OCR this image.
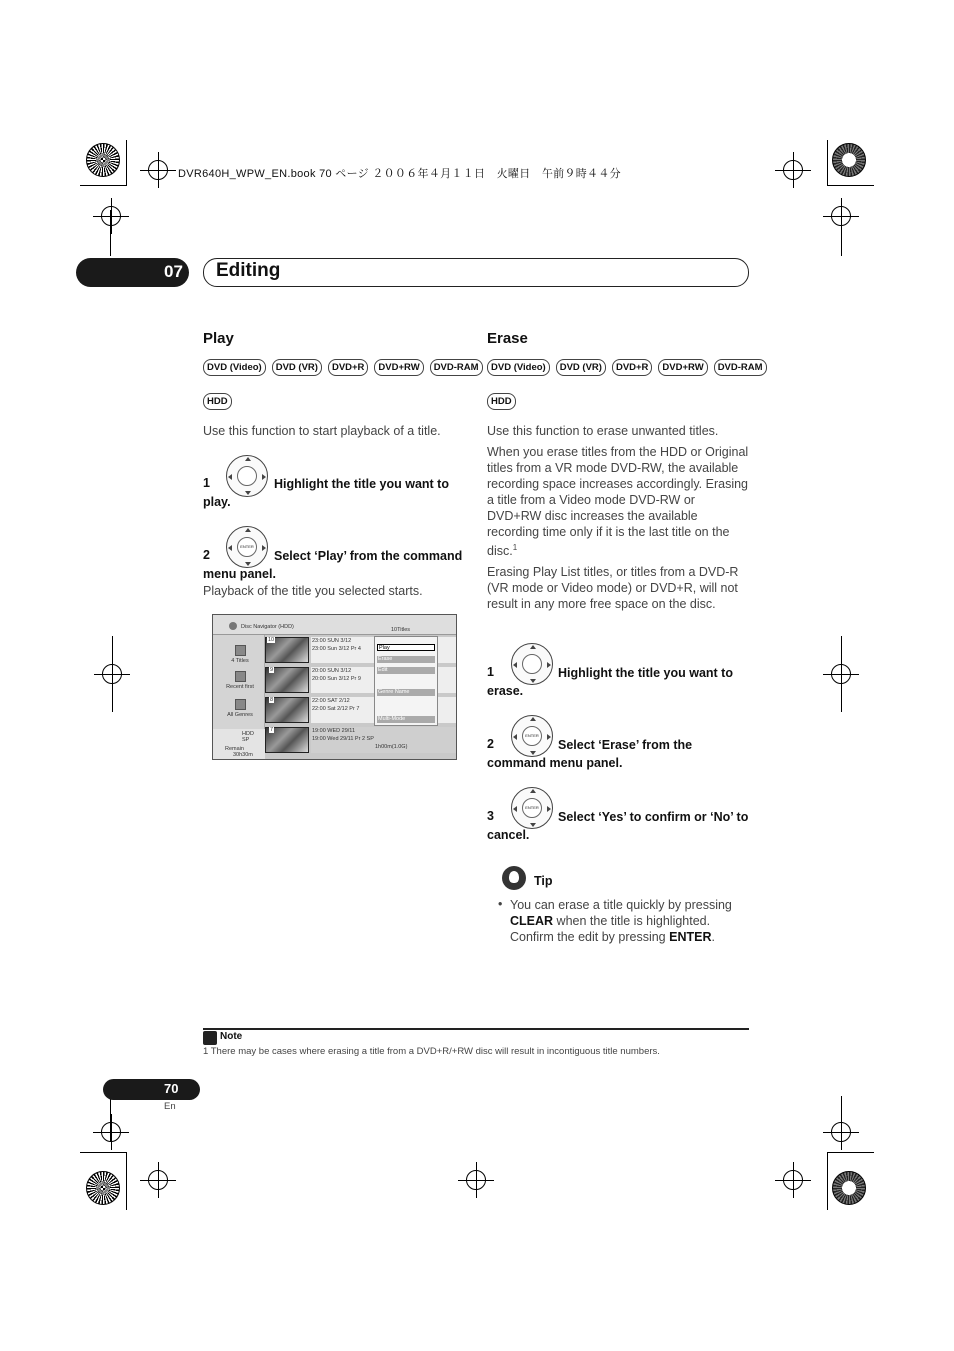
DVR640H_WPW_EN.book 70 ページ ２００６年４月１１日　火曜日　午前９時４４分
07 Editing
Play
DVD (Video)	DVD (VR)	DVD+R	DVD+RW	DVD-RAM
HDD
Use this function to start playback of a title.
1	Highlight the title you want to play.
ENTER
2	Select ‘Play’ from the command menu panel.
Playback of the title you selected starts.
Disc Navigator (HDD)	10Titles
4 Titles
Recent first
All Genres
HDD
SP
Remain
30h30m
10
9
8
7
23:00 SUN 3/12
23:00 Sun 3/12 Pr 4
20:00 SUN 3/12
20:00 Sun 3/12 Pr 9
22:00 SAT 2/12
22:00 Sat 2/12 Pr 7
19:00 WED 29/11
19:00 Wed 29/11 Pr 2 SP
1h00m(1.0G)
Play
Erase
Edit
Genre Name
Multi-Mode
Erase
DVD (Video)	DVD (VR)	DVD+R	DVD+RW	DVD-RAM
HDD
Use this function to erase unwanted titles.
When you erase titles from the HDD or Original titles from a VR mode DVD-RW, the available recording space increases accordingly. Erasing a title from a Video mode DVD-RW or DVD+RW disc increases the available recording time only if it is the last title on the disc.$^1$
Erasing Play List titles, or titles from a DVD-R (VR mode or Video mode) or DVD+R, will not result in any more free space on the disc.
1	Highlight the title you want to erase.
ENTER
2	Select ‘Erase’ from the command menu panel.
ENTER
3	Select ‘Yes’ to confirm or ‘No’ to cancel.
Tip
• You can erase a title quickly by pressing CLEAR when the title is highlighted. Confirm the edit by pressing ENTER.
Note
1 There may be cases where erasing a title from a DVD+R/+RW disc will result in incontiguous title numbers.
70
En
